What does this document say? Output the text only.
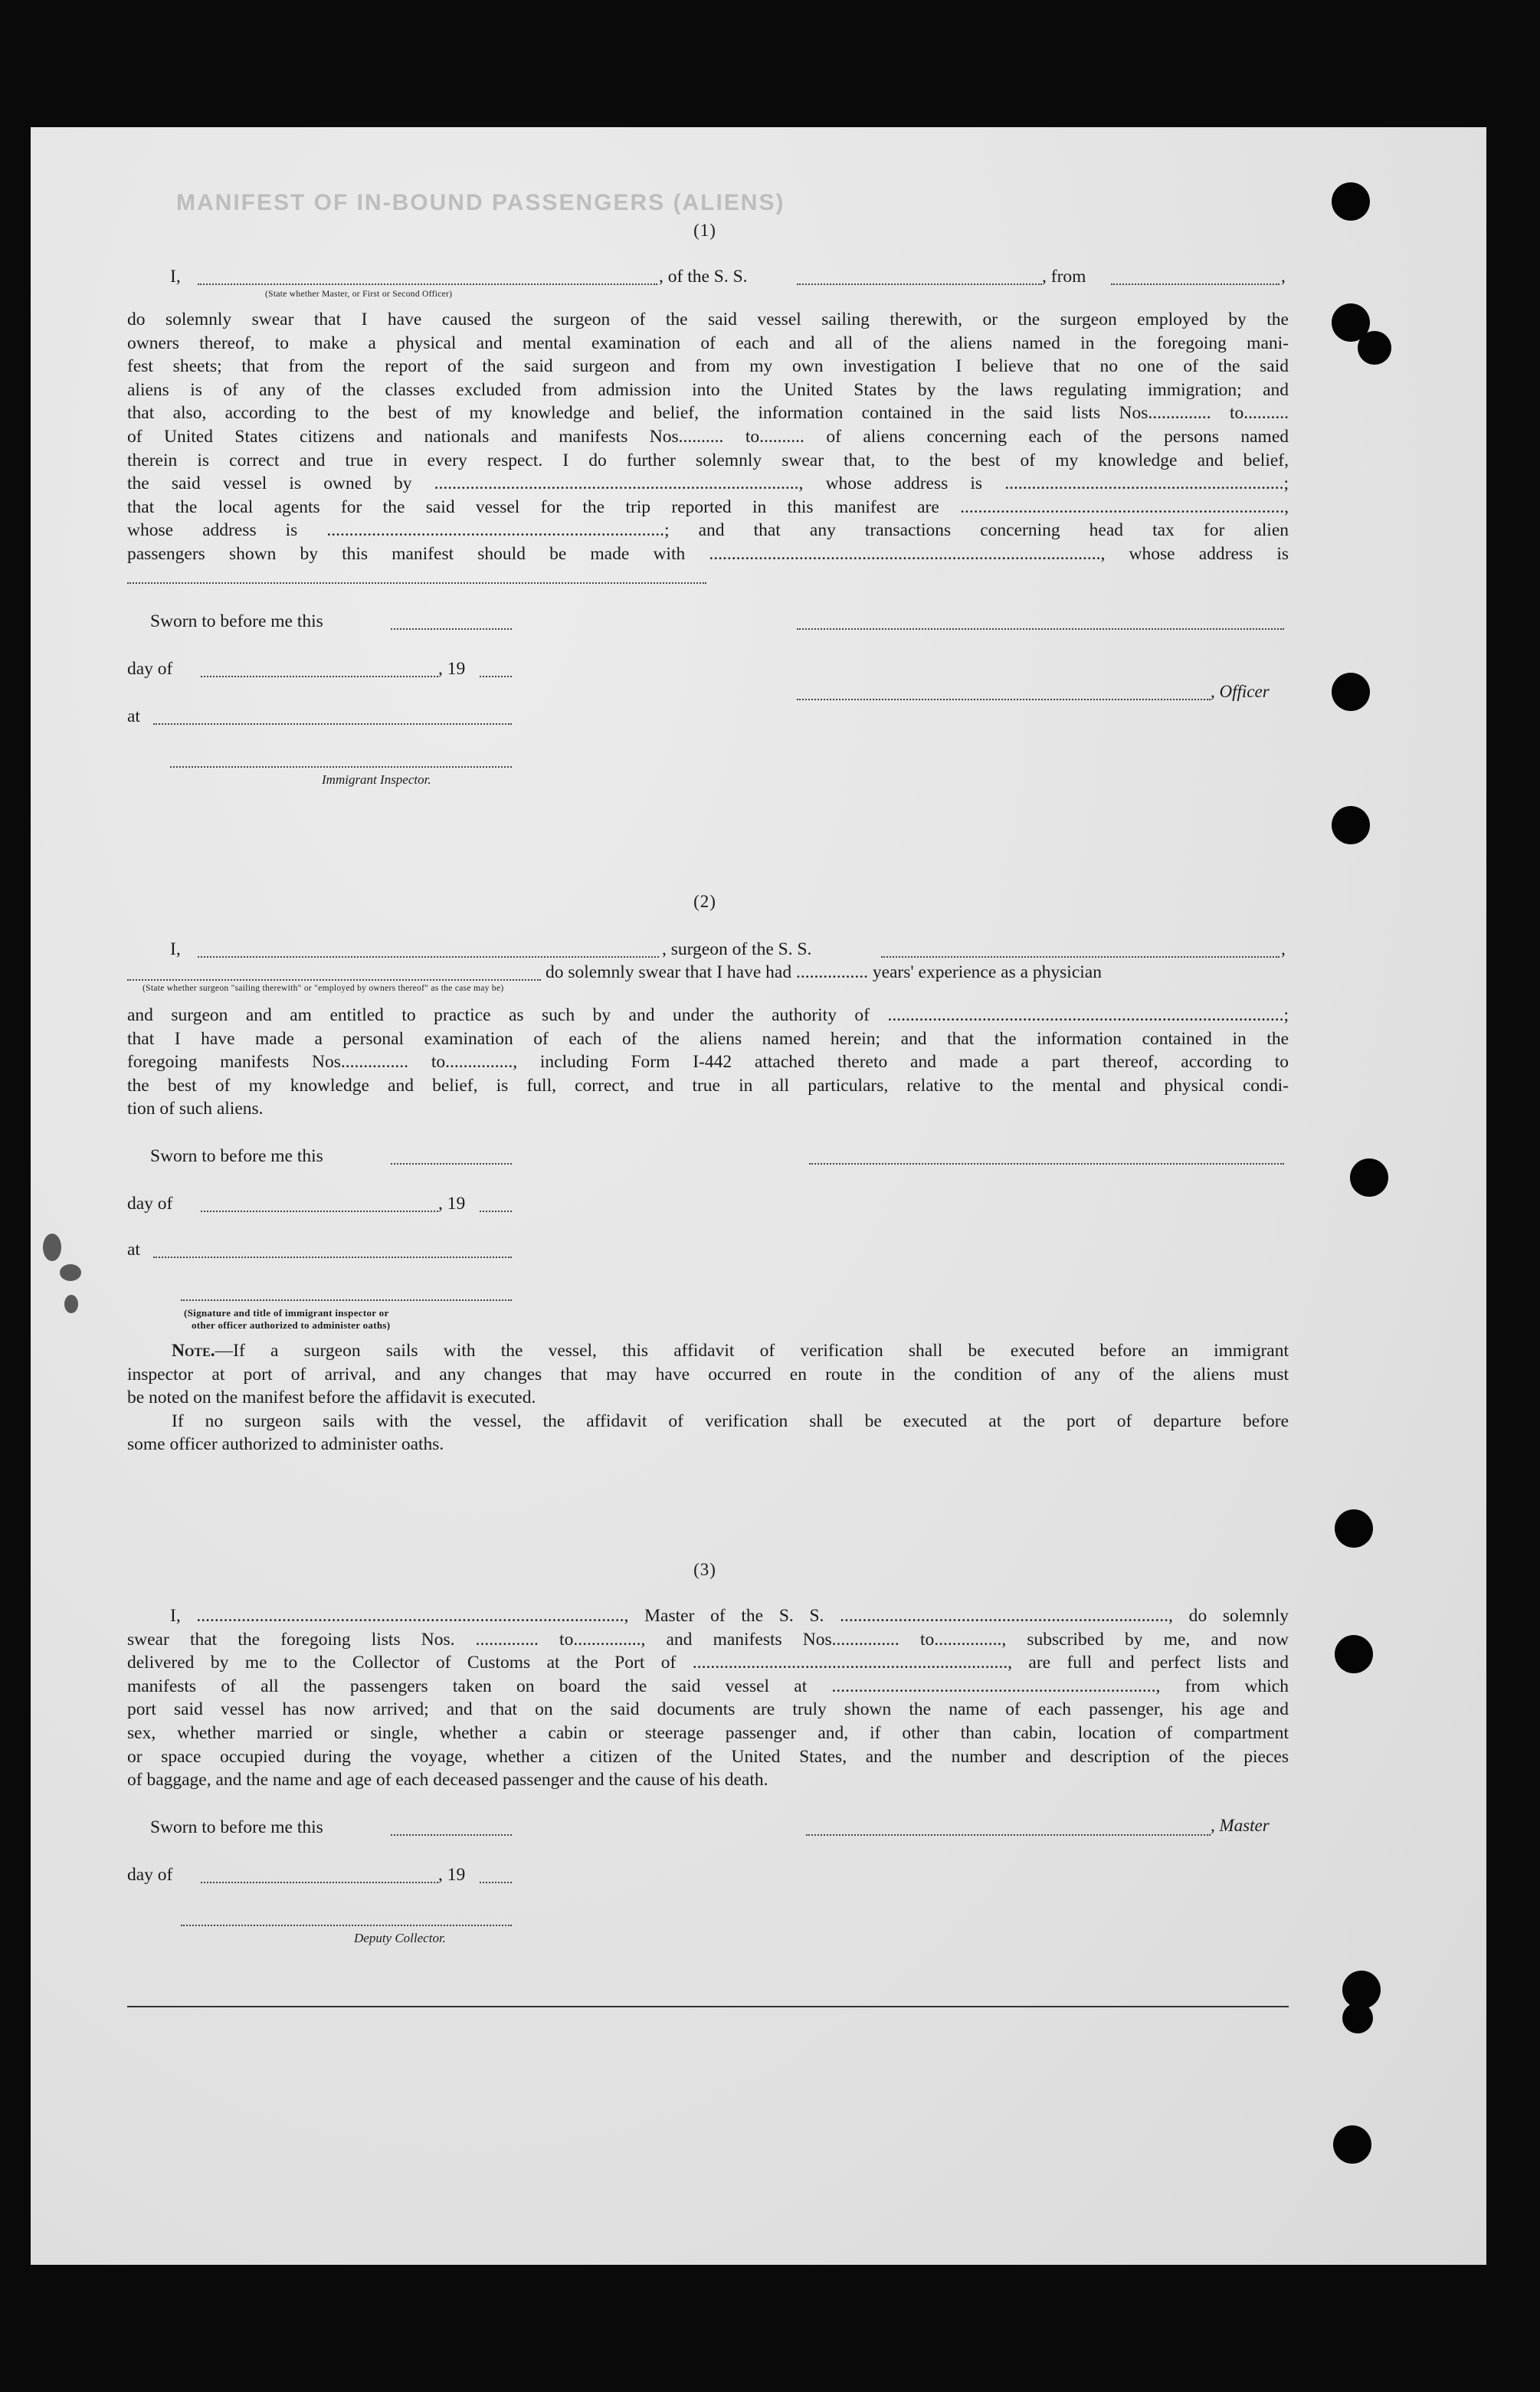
MANIFEST OF IN-BOUND PASSENGERS (ALIENS)
(1)
I,	, of the S. S.	, from	,
(State whether Master, or First or Second Officer)
do solemnly swear that I have caused the surgeon of the said vessel sailing therewith, or the surgeon employed by the
owners thereof, to make a physical and mental examination of each and all of the aliens named in the foregoing mani-
fest sheets; that from the report of the said surgeon and from my own investigation I believe that no one of the said
aliens is of any of the classes excluded from admission into the United States by the laws regulating immigration; and
that also, according to the best of my knowledge and belief, the information contained in the said lists Nos.............. to..........
of United States citizens and nationals and manifests Nos.......... to.......... of aliens concerning each of the persons named
therein is correct and true in every respect. I do further solemnly swear that, to the best of my knowledge and belief,
the said vessel is owned by ................................................................................., whose address is ..............................................................;
that the local agents for the said vessel for the trip reported in this manifest are ........................................................................,
whose address is ...........................................................................; and that any transactions concerning head tax for alien
passengers shown by this manifest should be made with ......................................................................................., whose address is
Sworn to before me this
day of	, 19
, Officer
at
Immigrant Inspector.
(2)
I,	, surgeon of the S. S.	,
do solemnly swear that I have had ................ years' experience as a physician
(State whether surgeon "sailing therewith" or "employed by owners thereof" as the case may be)
and surgeon and am entitled to practice as such by and under the authority of ........................................................................................;
that I have made a personal examination of each of the aliens named herein; and that the information contained in the
foregoing manifests Nos............... to..............., including Form I-442 attached thereto and made a part thereof, according to
the best of my knowledge and belief, is full, correct, and true in all particulars, relative to the mental and physical condi-
tion of such aliens.
Sworn to before me this
day of	, 19
at
(Signature and title of immigrant inspector or
other officer authorized to administer oaths)
Note.—If a surgeon sails with the vessel, this affidavit of verification shall be executed before an immigrant
inspector at port of arrival, and any changes that may have occurred en route in the condition of any of the aliens must
be noted on the manifest before the affidavit is executed.
If no surgeon sails with the vessel, the affidavit of verification shall be executed at the port of departure before
some officer authorized to administer oaths.
(3)
I, ..............................................................................................., Master of the S. S. ........................................................................., do solemnly
swear that the foregoing lists Nos. .............. to..............., and manifests Nos............... to..............., subscribed by me, and now
delivered by me to the Collector of Customs at the Port of ......................................................................, are full and perfect lists and
manifests of all the passengers taken on board the said vessel at ........................................................................, from which
port said vessel has now arrived; and that on the said documents are truly shown the name of each passenger, his age and
sex, whether married or single, whether a cabin or steerage passenger and, if other than cabin, location of compartment
or space occupied during the voyage, whether a citizen of the United States, and the number and description of the pieces
of baggage, and the name and age of each deceased passenger and the cause of his death.
Sworn to before me this	, Master
day of	, 19
Deputy Collector.
